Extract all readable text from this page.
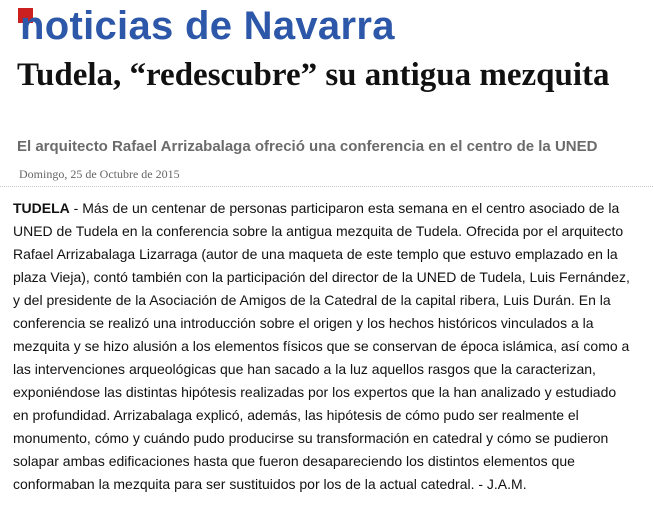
noticias de Navarra
Tudela, “redescubre” su antigua mezquita
El arquitecto Rafael Arrizabalaga ofreció una conferencia en el centro de la UNED
Domingo, 25 de Octubre de 2015

TUDELA - Más de un centenar de personas participaron esta semana en el centro asociado de la UNED de Tudela en la conferencia sobre la antigua mezquita de Tudela. Ofrecida por el arquitecto Rafael Arrizabalaga Lizarraga (autor de una maqueta de este templo que estuvo emplazado en la plaza Vieja), contó también con la participación del director de la UNED de Tudela, Luis Fernández, y del presidente de la Asociación de Amigos de la Catedral de la capital ribera, Luis Durán. En la conferencia se realizó una introducción sobre el origen y los hechos históricos vinculados a la mezquita y se hizo alusión a los elementos físicos que se conservan de época islámica, así como a las intervenciones arqueológicas que han sacado a la luz aquellos rasgos que la caracterizan, exponiéndose las distintas hipótesis realizadas por los expertos que la han analizado y estudiado en profundidad. Arrizabalaga explicó, además, las hipótesis de cómo pudo ser realmente el monumento, cómo y cuándo pudo producirse su transformación en catedral y cómo se pudieron solapar ambas edificaciones hasta que fueron desapareciendo los distintos elementos que conformaban la mezquita para ser sustituidos por los de la actual catedral. - J.A.M.
